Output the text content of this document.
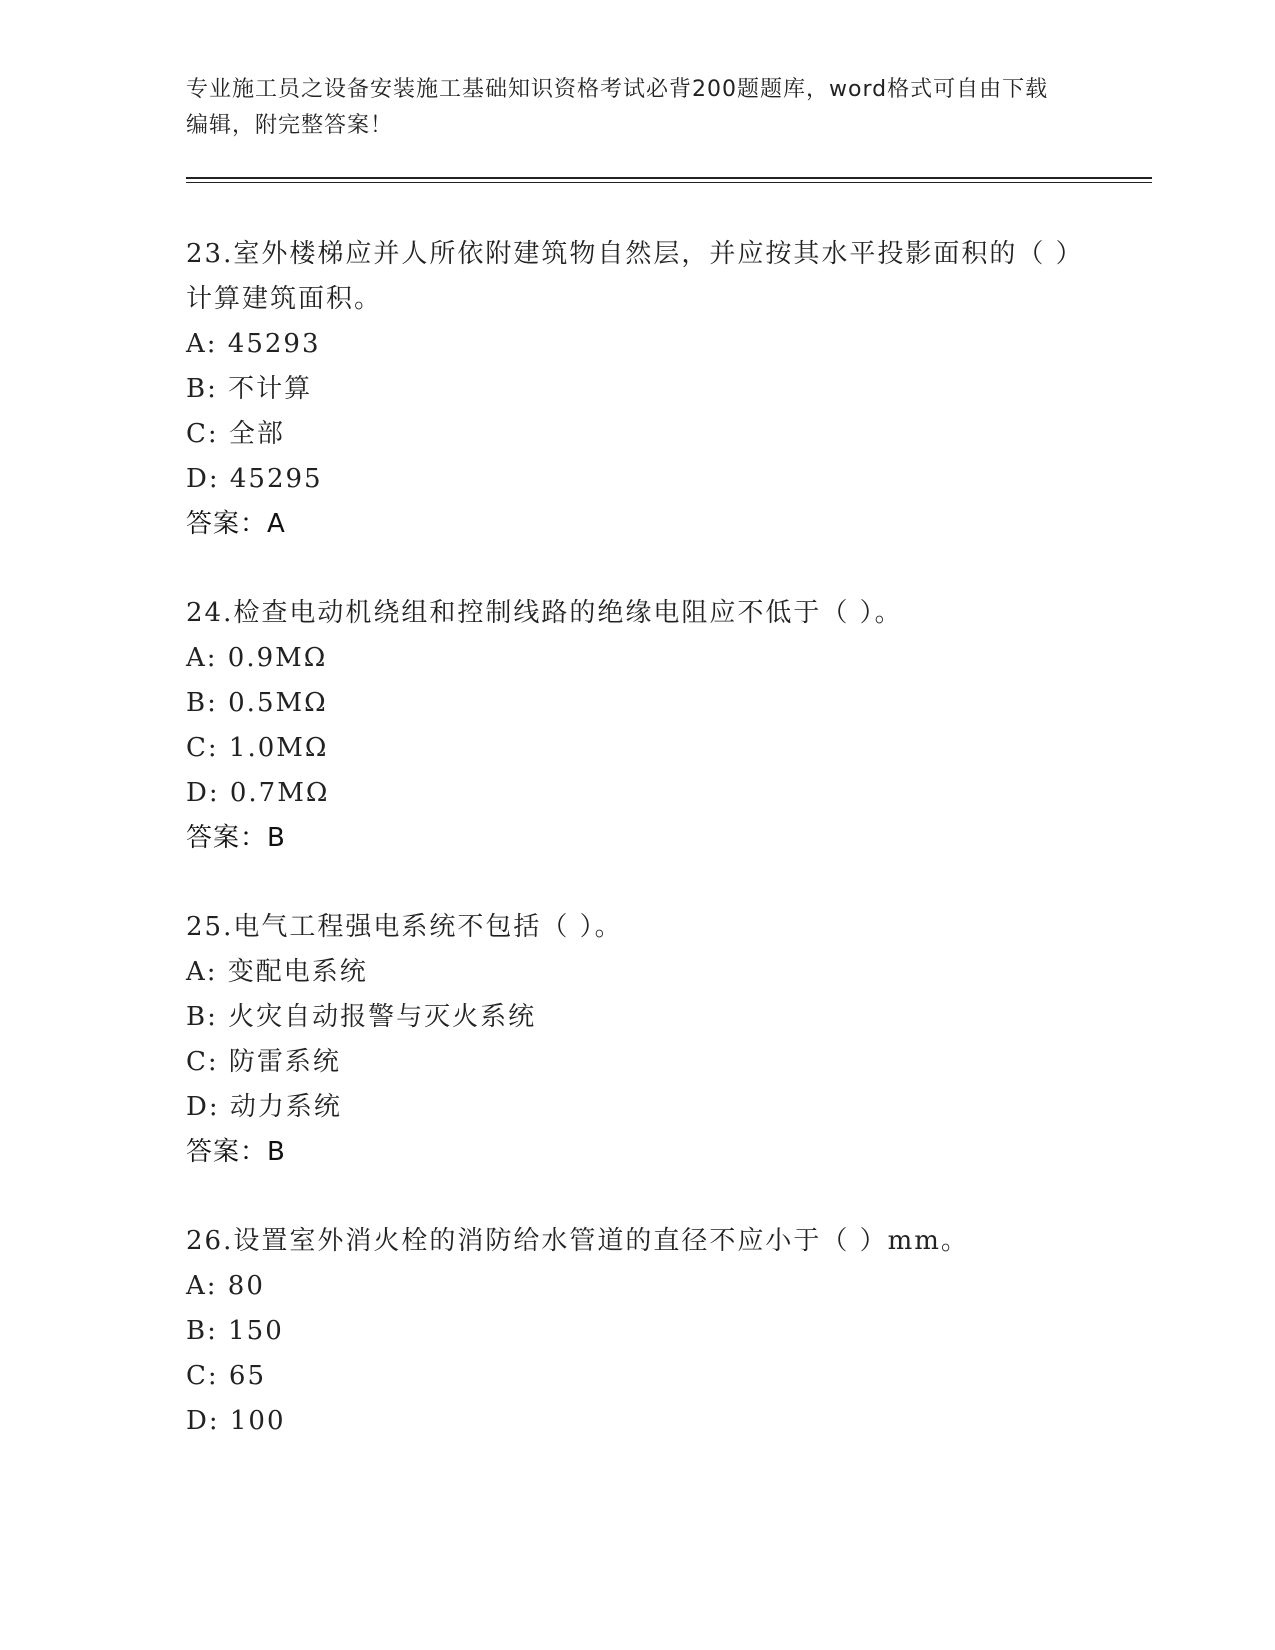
专业施工员之设备安装施工基础知识资格考试必背200题题库，word格式可自由下载编辑，附完整答案！
23.室外楼梯应并人所依附建筑物自然层，并应按其水平投影面积的（ ）计算建筑面积。
A: 45293
B: 不计算
C: 全部
D: 45295
答案：A
24.检查电动机绕组和控制线路的绝缘电阻应不低于（ ）。
A: 0.9MΩ
B: 0.5MΩ
C: 1.0MΩ
D: 0.7MΩ
答案：B
25.电气工程强电系统不包括（ ）。
A: 变配电系统
B: 火灾自动报警与灭火系统
C: 防雷系统
D: 动力系统
答案：B
26.设置室外消火栓的消防给水管道的直径不应小于（ ）mm。
A: 80
B: 150
C: 65
D: 100
